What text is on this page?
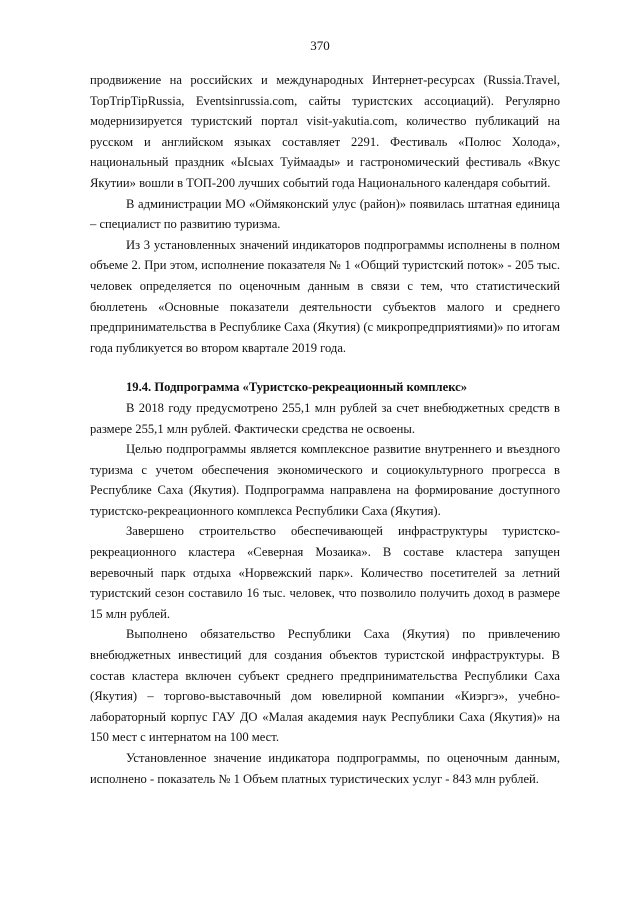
370

продвижение на российских и международных Интернет-ресурсах (Russia.Travel, TopTripTipRussia, Eventsinrussia.com, сайты туристских ассоциаций). Регулярно модернизируется туристский портал visit-yakutia.com, количество публикаций на русском и английском языках составляет 2291. Фестиваль «Полюс Холода», национальный праздник «Ысыах Туймаады» и гастрономический фестиваль «Вкус Якутии» вошли в ТОП-200 лучших событий года Национального календаря событий.

В администрации МО «Оймяконский улус (район)» появилась штатная единица – специалист по развитию туризма.

Из 3 установленных значений индикаторов подпрограммы исполнены в полном объеме 2. При этом, исполнение показателя № 1 «Общий туристский поток» - 205 тыс. человек определяется по оценочным данным в связи с тем, что статистический бюллетень «Основные показатели деятельности субъектов малого и среднего предпринимательства в Республике Саха (Якутия) (с микропредприятиями)» по итогам года публикуется во втором квартале 2019 года.

19.4. Подпрограмма «Туристско-рекреационный комплекс»

В 2018 году предусмотрено 255,1 млн рублей за счет внебюджетных средств в размере 255,1 млн рублей. Фактически средства не освоены.

Целью подпрограммы является комплексное развитие внутреннего и въездного туризма с учетом обеспечения экономического и социокультурного прогресса в Республике Саха (Якутия). Подпрограмма направлена на формирование доступного туристско-рекреационного комплекса Республики Саха (Якутия).

Завершено строительство обеспечивающей инфраструктуры туристско-рекреационного кластера «Северная Мозаика». В составе кластера запущен веревочный парк отдыха «Норвежский парк». Количество посетителей за летний туристский сезон составило 16 тыс. человек, что позволило получить доход в размере 15 млн рублей.

Выполнено обязательство Республики Саха (Якутия) по привлечению внебюджетных инвестиций для создания объектов туристской инфраструктуры. В состав кластера включен субъект среднего предпринимательства Республики Саха (Якутия) – торгово-выставочный дом ювелирной компании «Киэргэ», учебно-лабораторный корпус ГАУ ДО «Малая академия наук Республики Саха (Якутия)» на 150 мест с интернатом на 100 мест.

Установленное значение индикатора подпрограммы, по оценочным данным, исполнено - показатель № 1 Объем платных туристических услуг - 843 млн рублей.
